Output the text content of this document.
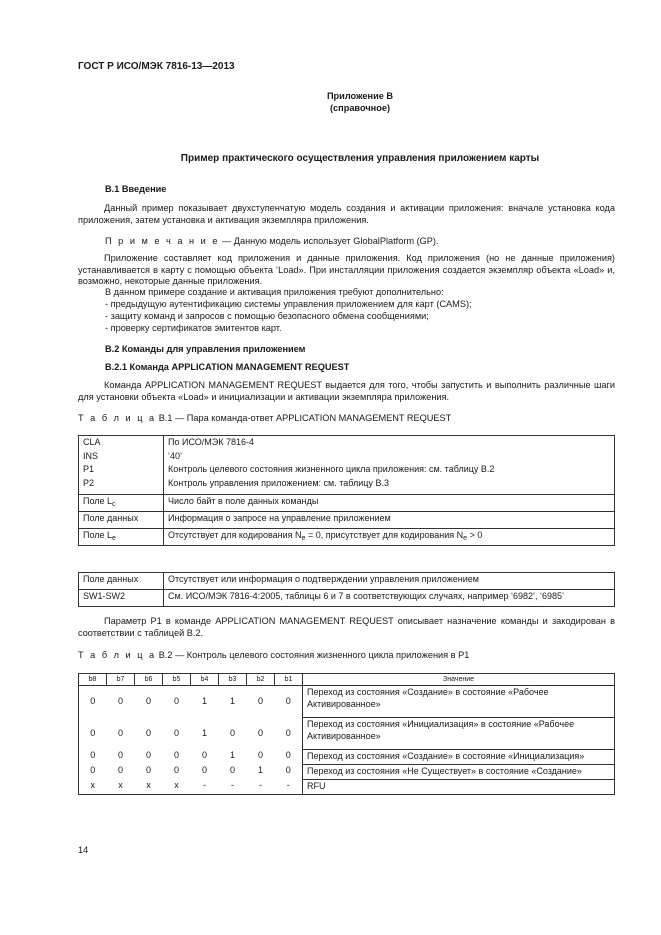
ГОСТ Р ИСО/МЭК 7816-13—2013
Приложение В
(справочное)
Пример практического осуществления управления приложением карты
В.1 Введение
Данный пример показывает двухступенчатую модель создания и активации приложения: вначале установка кода приложения, затем установка и активация экземпляра приложения.
П р и м е ч а н и е — Данную модель использует GlobalPlatform (GP).
Приложение составляет код приложения и данные приложения. Код приложения (но не данные приложения) устанавливается в карту с помощью объекта ‘Load». При инсталляции приложения создается экземпляр объекта «Load» и, возможно, некоторые данные приложения.
В данном примере создание и активация приложения требуют дополнительно:
- предыдущую аутентификацию системы управления приложением для карт (CAMS);
- защиту команд и запросов с помощью безопасного обмена сообщениями;
- проверку сертификатов эмитентов карт.
В.2 Команды для управления приложением
В.2.1 Команда APPLICATION MANAGEMENT REQUEST
Команда APPLICATION MANAGEMENT REQUEST выдается для того, чтобы запустить и выполнить различные шаги для установки объекта «Load» и инициализации и активации экземпляра приложения.
Т а б л и ц а В.1 — Пара команда-ответ APPLICATION MANAGEMENT REQUEST
CLA	По ИСО/МЭК 7816-4
INS	‘40’
P1	Контроль целевого состояния жизненного цикла приложения: см. таблицу В.2
P2	Контроль управления приложением: см. таблицу В.3
Поле $L_c$	Число байт в поле данных команды
Поле данных	Информация о запросе на управление приложением
Поле $L_e$	Отсутствует для кодирования $N_e = 0$, присутствует для кодирования $N_e > 0$
Поле данных	Отсутствует или информация о подтверждении управления приложением
SW1-SW2	См. ИСО/МЭК 7816-4:2005, таблицы 6 и 7 в соответствующих случаях, например ‘6982’, ‘6985’
Параметр P1 в команде APPLICATION MANAGEMENT REQUEST описывает назначение команды и закодирован в соответствии с таблицей В.2.
Т а б л и ц а В.2 — Контроль целевого состояния жизненного цикла приложения в P1
b8	b7	b6	b5	b4	b3	b2	b1	Значение
0	0	0	0	1	1	0	0	Переход из состояния «Создание» в состояние «Рабочее Активированное»
0	0	0	0	1	0	0	0	Переход из состояния «Инициализация» в состояние «Рабочее Активированное»
0	0	0	0	0	1	0	0	Переход из состояния «Создание» в состояние «Инициализация»
0	0	0	0	0	0	1	0	Переход из состояния «Не Существует» в состояние «Создание»
x	x	x	x	-	-	-	-	RFU
14
